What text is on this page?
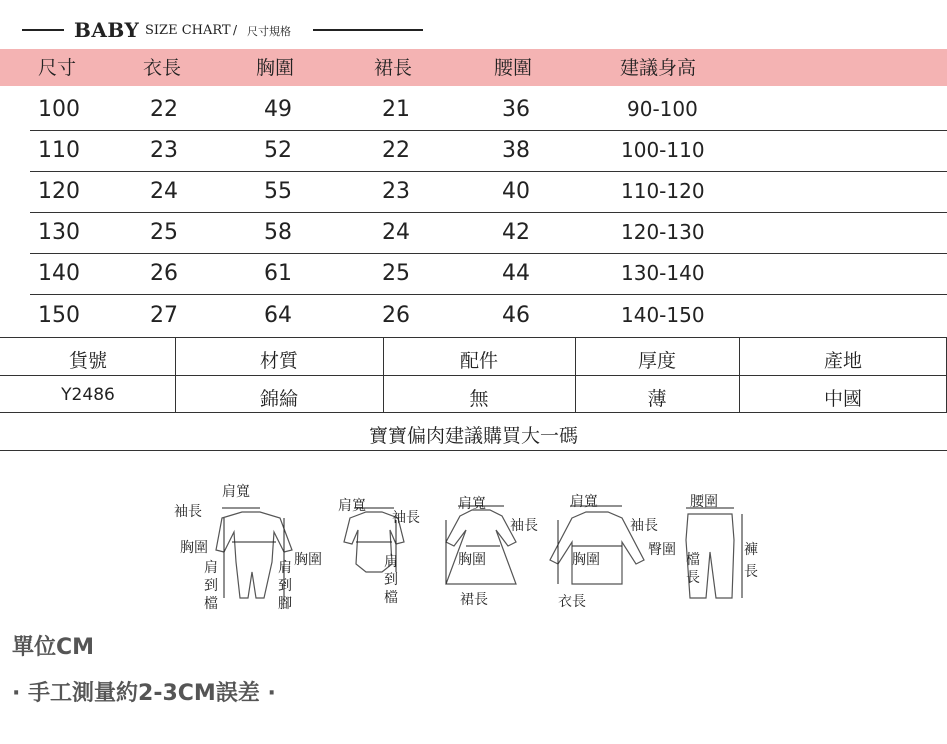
BABY SIZE CHART / 尺寸規格
尺寸	衣長	胸圍	裙長	腰圍	建議身高
100	22	49	21	36	90-100
110	23	52	22	38	100-110
120	24	55	23	40	110-120
130	25	58	24	42	120-130
140	26	61	25	44	130-140
150	27	64	26	46	140-150
貨號	材質	配件	厚度	產地
Y2486	錦綸	無	薄	中國
寶寶偏肉建議購買大一碼
袖長
肩寬
胸圍
肩
到
檔
肩
到
腳
肩寬
袖長
胸圍	肩
到
檔
肩寬
袖長
胸圍
裙長
肩寬
袖長
胸圍
衣長
腰圍
臀圍
檔
長
褲
長
單位CM
· 手工測量約2-3CM誤差 ·
